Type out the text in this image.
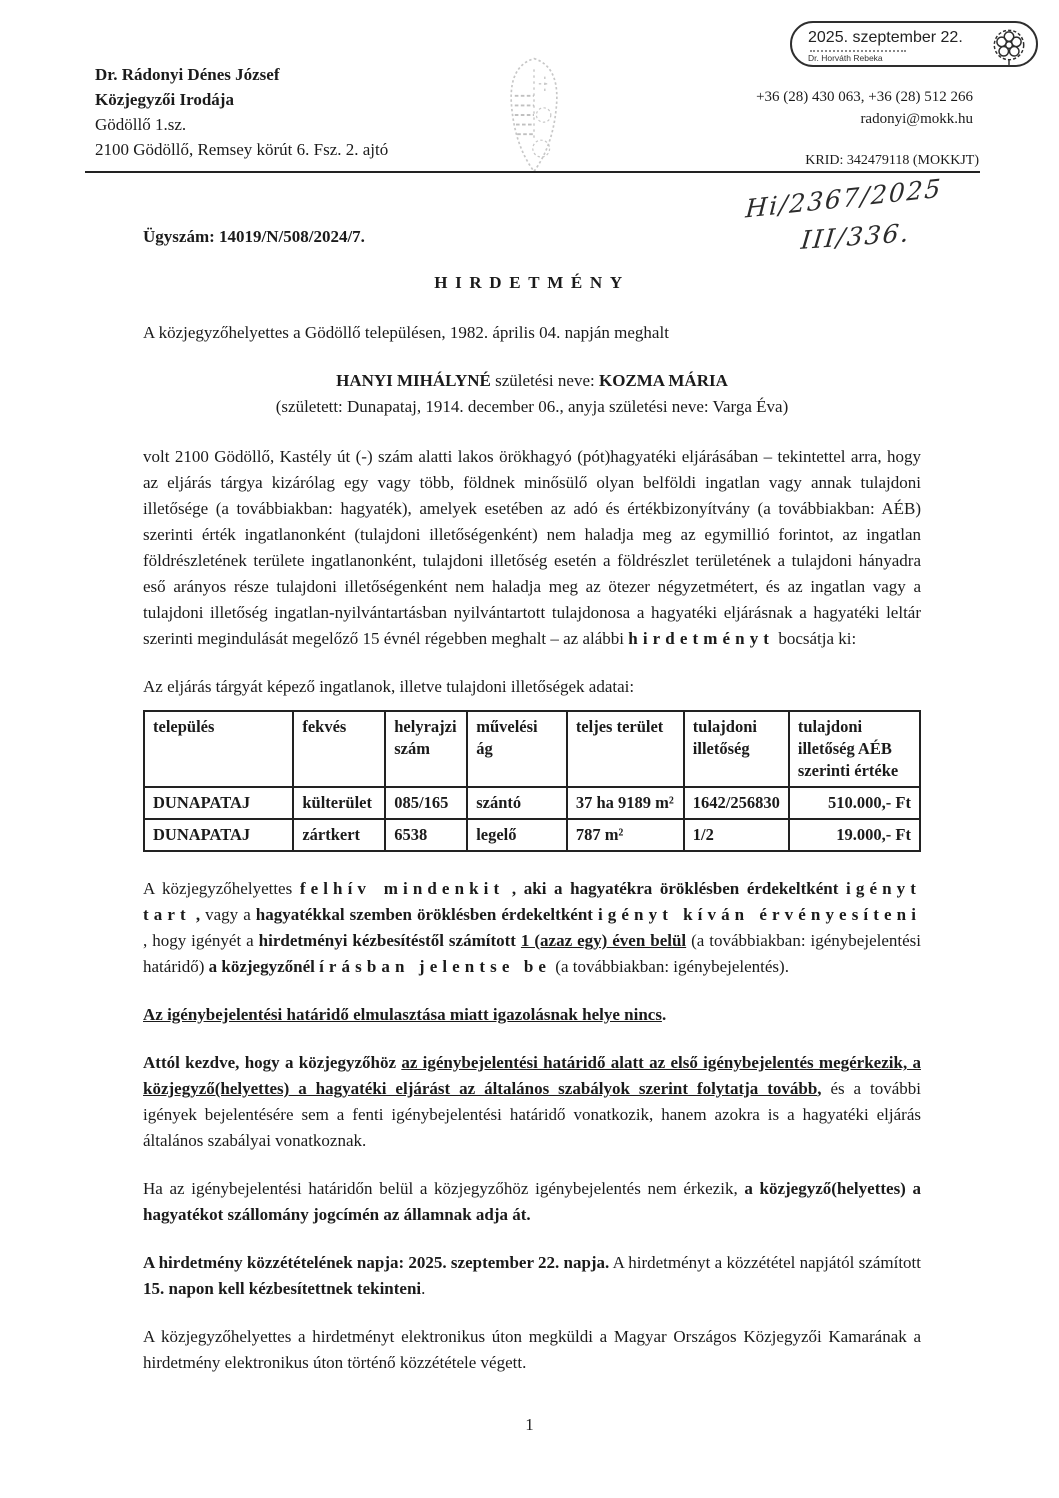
Dr. Rádonyi Dénes József
Közjegyzői Irodája
Gödöllő 1.sz.
2100 Gödöllő, Remsey körút 6. Fsz. 2. ajtó
2025. szeptember 22.
Dr. Horváth Rebeka
+36 (28) 430 063, +36 (28) 512 266
radonyi@mokk.hu
KRID: 342479118 (MOKKJT)
Hi/2367/2025
III/336.

Ügyszám: 14019/N/508/2024/7.

HIRDETMÉNY

A közjegyzőhelyettes a Gödöllő településen, 1982. április 04. napján meghalt

HANYI MIHÁLYNÉ születési neve: KOZMA MÁRIA
(született: Dunapataj, 1914. december 06., anyja születési neve: Varga Éva)

volt 2100 Gödöllő, Kastély út (-) szám alatti lakos örökhagyó (pót)hagyatéki eljárásában – tekintettel arra, hogy az eljárás tárgya kizárólag egy vagy több, földnek minősülő olyan belföldi ingatlan vagy annak tulajdoni illetősége (a továbbiakban: hagyaték), amelyek esetében az adó és értékbizonyítvány (a továbbiakban: AÉB) szerinti érték ingatlanonként (tulajdoni illetőségenként) nem haladja meg az egymillió forintot, az ingatlan földrészletének területe ingatlanonként, tulajdoni illetőség esetén a földrészlet területének a tulajdoni hányadra eső arányos része tulajdoni illetőségenként nem haladja meg az ötezer négyzetmétert, és az ingatlan vagy a tulajdoni illetőség ingatlan-nyilvántartásban nyilvántartott tulajdonosa a hagyatéki eljárásnak a hagyatéki leltár szerinti megindulását megelőző 15 évnél régebben meghalt – az alábbi hirdetményt bocsátja ki:

Az eljárás tárgyát képező ingatlanok, illetve tulajdoni illetőségek adatai:

település	fekvés	helyrajzi szám	művelési ág	teljes terület	tulajdoni illetőség	tulajdoni illetőség AÉB szerinti értéke
DUNAPATAJ	külterület	085/165	szántó	37 ha 9189 m²	1642/256830	510.000,- Ft
DUNAPATAJ	zártkert	6538	legelő	787 m²	1/2	19.000,- Ft

A közjegyzőhelyettes felhív mindenkit , aki a hagyatékra öröklésben érdekeltként igényt tart , vagy a hagyatékkal szemben öröklésben érdekeltként igényt kíván érvényesíteni , hogy igényét a hirdetményi kézbesítéstől számított 1 (azaz egy) éven belül (a továbbiakban: igénybejelentési határidő) a közjegyzőnél írásban jelentse be (a továbbiakban: igénybejelentés).

Az igénybejelentési határidő elmulasztása miatt igazolásnak helye nincs.

Attól kezdve, hogy a közjegyzőhöz az igénybejelentési határidő alatt az első igénybejelentés megérkezik, a közjegyző(helyettes) a hagyatéki eljárást az általános szabályok szerint folytatja tovább, és a további igények bejelentésére sem a fenti igénybejelentési határidő vonatkozik, hanem azokra is a hagyatéki eljárás általános szabályai vonatkoznak.

Ha az igénybejelentési határidőn belül a közjegyzőhöz igénybejelentés nem érkezik, a közjegyző(helyettes) a hagyatékot szállomány jogcímén az államnak adja át.

A hirdetmény közzétételének napja: 2025. szeptember 22. napja. A hirdetményt a közzététel napjától számított 15. napon kell kézbesítettnek tekinteni.

A közjegyzőhelyettes a hirdetményt elektronikus úton megküldi a Magyar Országos Közjegyzői Kamarának a hirdetmény elektronikus úton történő közzététele végett.

1
